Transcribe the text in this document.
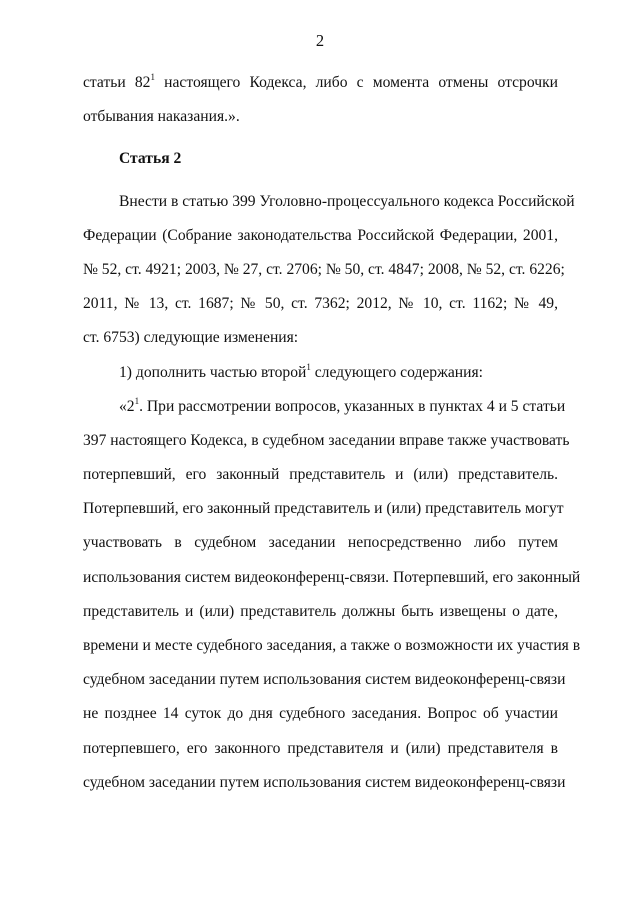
2
статьи $82^1$ настоящего Кодекса, либо с момента отмены отсрочки
отбывания наказания.».
Статья 2
Внести в статью 399 Уголовно-процессуального кодекса Российской
Федерации (Собрание законодательства Российской Федерации, 2001,
№ 52, ст. 4921; 2003, № 27, ст. 2706; № 50, ст. 4847; 2008, № 52, ст. 6226;
2011, № 13, ст. 1687; № 50, ст. 7362; 2012, № 10, ст. 1162; № 49,
ст. 6753) следующие изменения:
1) дополнить частью второй$^1$ следующего содержания:
«$2^1$. При рассмотрении вопросов, указанных в пунктах 4 и 5 статьи
397 настоящего Кодекса, в судебном заседании вправе также участвовать
потерпевший, его законный представитель и (или) представитель.
Потерпевший, его законный представитель и (или) представитель могут
участвовать в судебном заседании непосредственно либо путем
использования систем видеоконференц-связи. Потерпевший, его законный
представитель и (или) представитель должны быть извещены о дате,
времени и месте судебного заседания, а также о возможности их участия в
судебном заседании путем использования систем видеоконференц-связи
не позднее 14 суток до дня судебного заседания. Вопрос об участии
потерпевшего, его законного представителя и (или) представителя в
судебном заседании путем использования систем видеоконференц-связи
